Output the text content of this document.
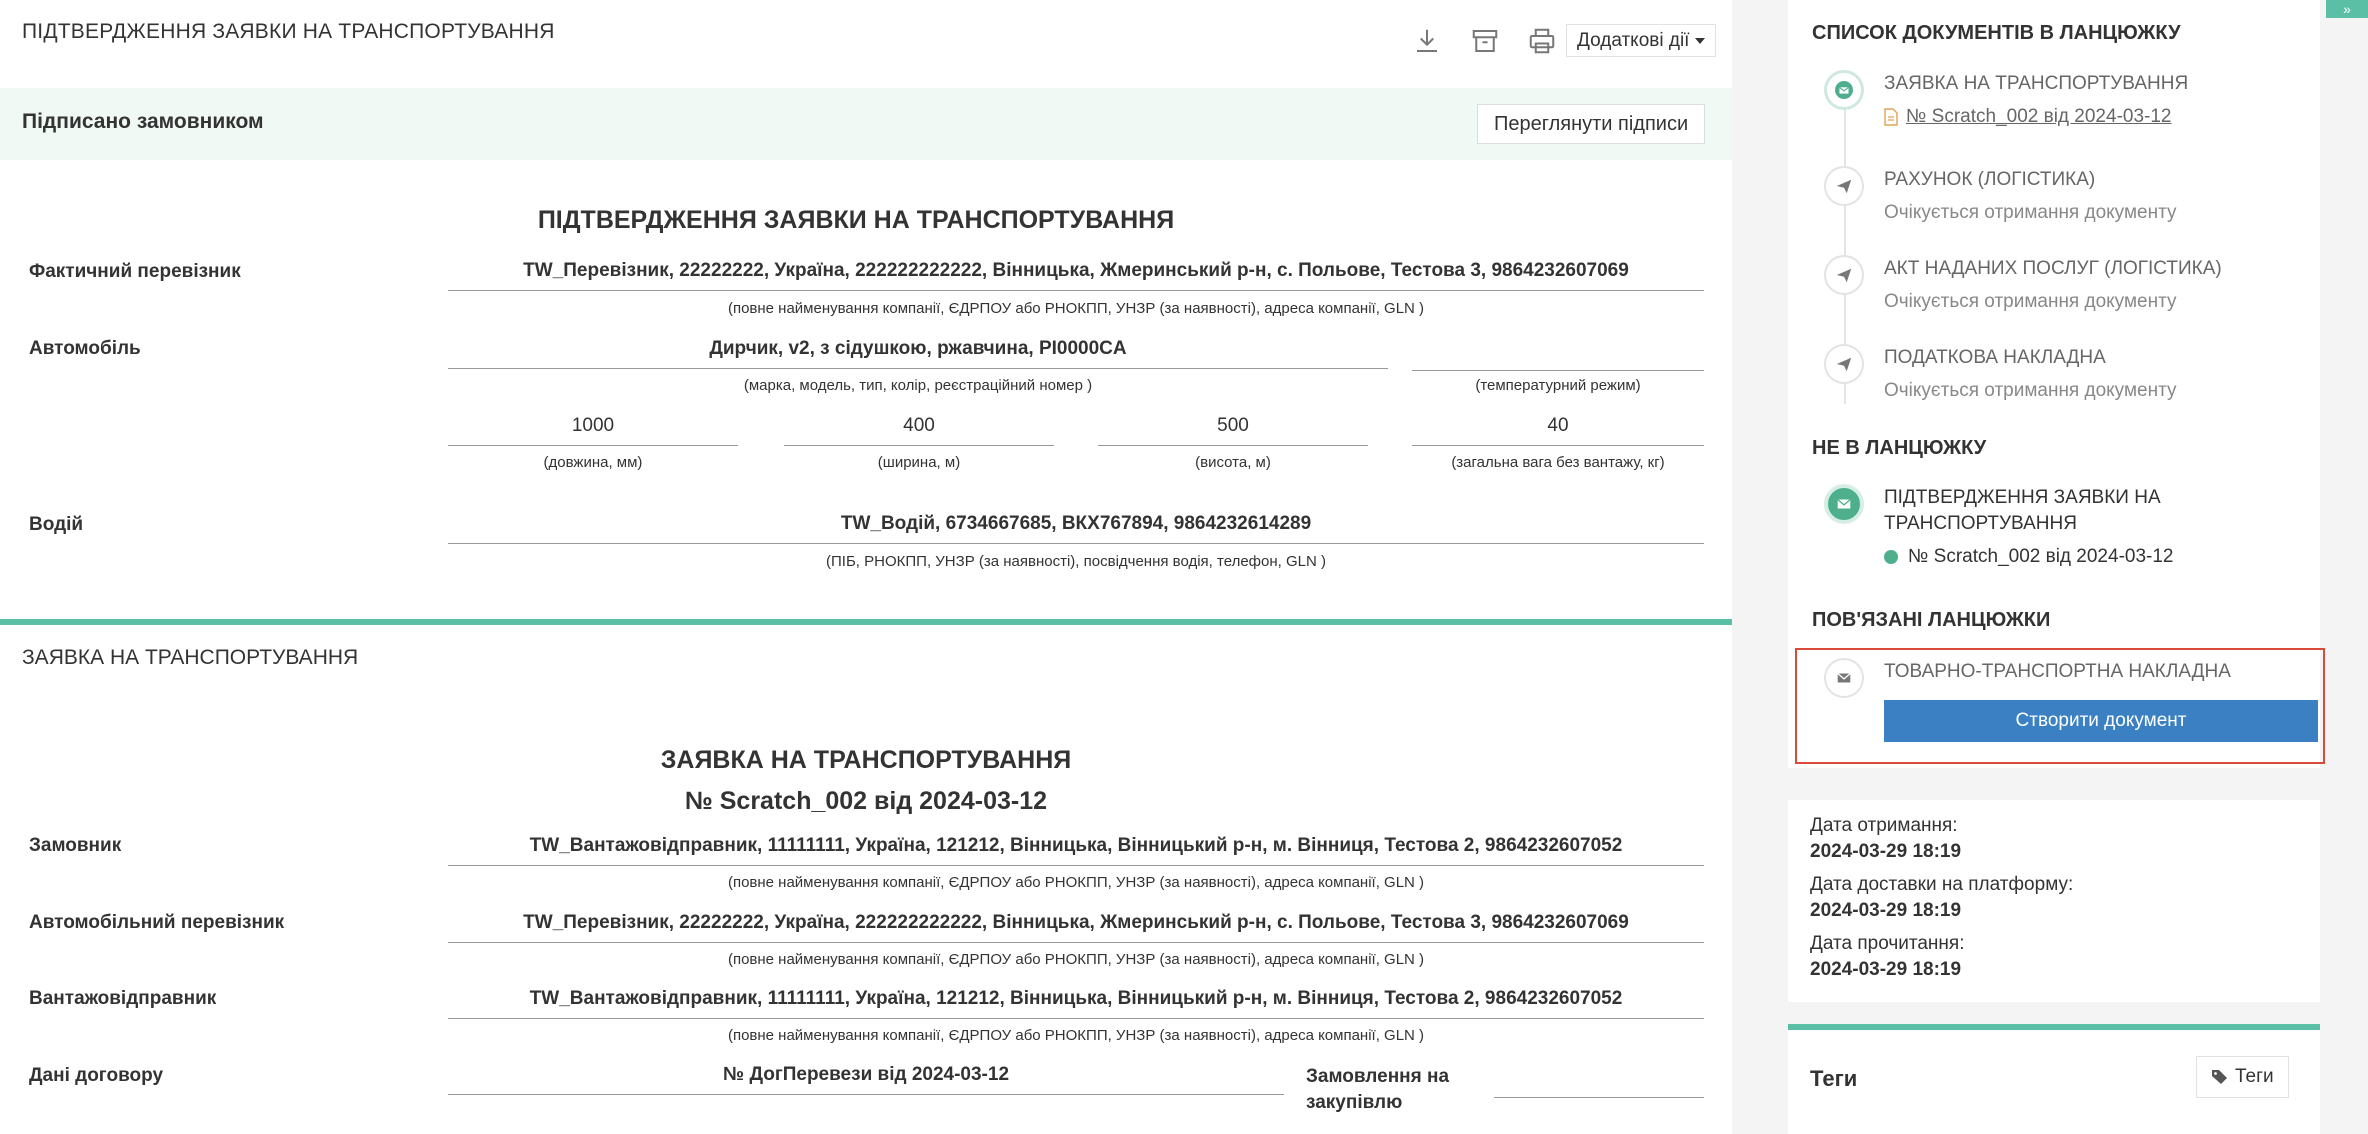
ПІДТВЕРДЖЕННЯ ЗАЯВКИ НА ТРАНСПОРТУВАННЯ	Додаткові дії
Підписано замовником	Переглянути підписи
ПІДТВЕРДЖЕННЯ ЗАЯВКИ НА ТРАНСПОРТУВАННЯ
Фактичний перевізник	TW_Перевізник, 22222222, Україна, 222222222222, Вінницька, Жмеринський р-н, с. Польове, Тестова 3, 9864232607069
(повне найменування компанії, ЄДРПОУ або РНОКПП, УНЗР (за наявності), адреса компанії, GLN )
Автомобіль	Дирчик, v2, з сідушкою, ржавчина, PI0000CA
(марка, модель, тип, колір, реєстраційний номер )	(температурний режим)
1000	400	500	40
(довжина, мм)	(ширина, м)	(висота, м)	(загальна вага без вантажу, кг)
Водій	TW_Водій, 6734667685, ВКХ767894, 9864232614289
(ПІБ, РНОКПП, УНЗР (за наявності), посвідчення водія, телефон, GLN )
ЗАЯВКА НА ТРАНСПОРТУВАННЯ
ЗАЯВКА НА ТРАНСПОРТУВАННЯ
№ Scratch_002 від 2024-03-12
Замовник	TW_Вантажовідправник, 11111111, Україна, 121212, Вінницька, Вінницький р-н, м. Вінниця, Тестова 2, 9864232607052
(повне найменування компанії, ЄДРПОУ або РНОКПП, УНЗР (за наявності), адреса компанії, GLN )
Автомобільний перевізник	TW_Перевізник, 22222222, Україна, 222222222222, Вінницька, Жмеринський р-н, с. Польове, Тестова 3, 9864232607069
(повне найменування компанії, ЄДРПОУ або РНОКПП, УНЗР (за наявності), адреса компанії, GLN )
Вантажовідправник	TW_Вантажовідправник, 11111111, Україна, 121212, Вінницька, Вінницький р-н, м. Вінниця, Тестова 2, 9864232607052
(повне найменування компанії, ЄДРПОУ або РНОКПП, УНЗР (за наявності), адреса компанії, GLN )
Дані договору	№ ДогПеревези від 2024-03-12	Замовлення на закупівлю
СПИСОК ДОКУМЕНТІВ В ЛАНЦЮЖКУ
ЗАЯВКА НА ТРАНСПОРТУВАННЯ
№ Scratch_002 від 2024-03-12
РАХУНОК (ЛОГІСТИКА)
Очікується отримання документу
АКТ НАДАНИХ ПОСЛУГ (ЛОГІСТИКА)
Очікується отримання документу
ПОДАТКОВА НАКЛАДНА
Очікується отримання документу
НЕ В ЛАНЦЮЖКУ
ПІДТВЕРДЖЕННЯ ЗАЯВКИ НА ТРАНСПОРТУВАННЯ
№ Scratch_002 від 2024-03-12
ПОВ'ЯЗАНІ ЛАНЦЮЖКИ
ТОВАРНО-ТРАНСПОРТНА НАКЛАДНА
Створити документ
Дата отримання:
2024-03-29 18:19
Дата доставки на платформу:
2024-03-29 18:19
Дата прочитання:
2024-03-29 18:19
Теги	Теги
»
